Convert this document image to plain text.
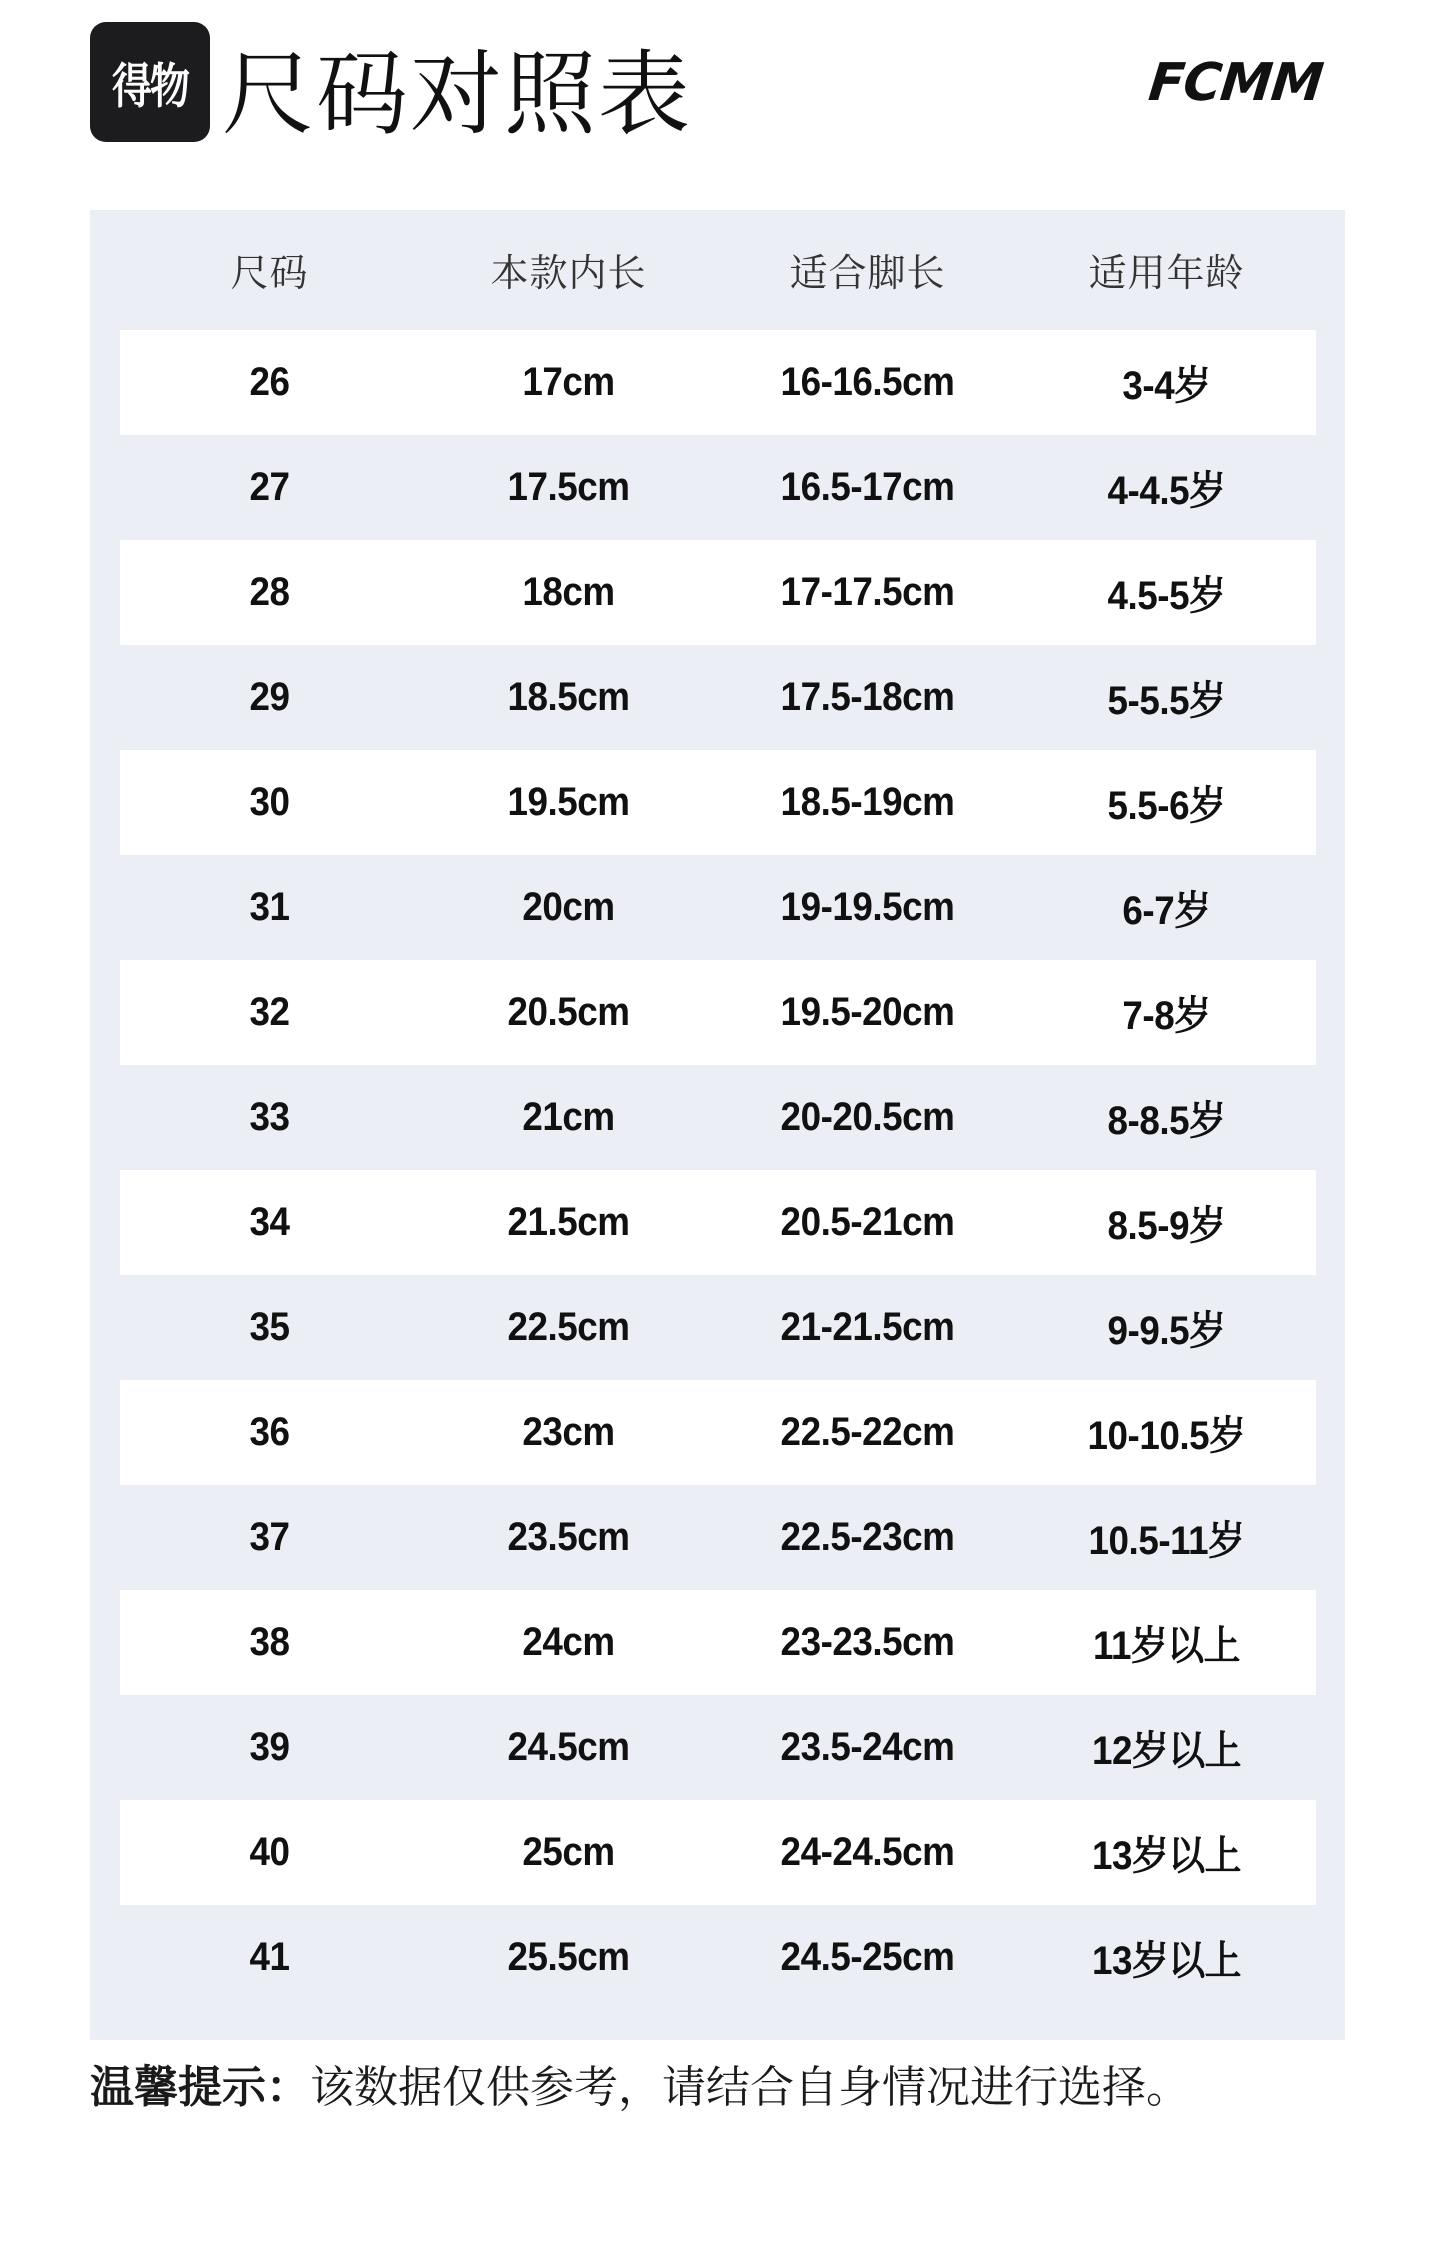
得物 尺码对照表	FCMM
尺码	本款内长	适合脚长	适用年龄
26	17cm	16-16.5cm	3-4岁
27	17.5cm	16.5-17cm	4-4.5岁
28	18cm	17-17.5cm	4.5-5岁
29	18.5cm	17.5-18cm	5-5.5岁
30	19.5cm	18.5-19cm	5.5-6岁
31	20cm	19-19.5cm	6-7岁
32	20.5cm	19.5-20cm	7-8岁
33	21cm	20-20.5cm	8-8.5岁
34	21.5cm	20.5-21cm	8.5-9岁
35	22.5cm	21-21.5cm	9-9.5岁
36	23cm	22.5-22cm	10-10.5岁
37	23.5cm	22.5-23cm	10.5-11岁
38	24cm	23-23.5cm	11岁以上
39	24.5cm	23.5-24cm	12岁以上
40	25cm	24-24.5cm	13岁以上
41	25.5cm	24.5-25cm	13岁以上
温馨提示：该数据仅供参考，请结合自身情况进行选择。
